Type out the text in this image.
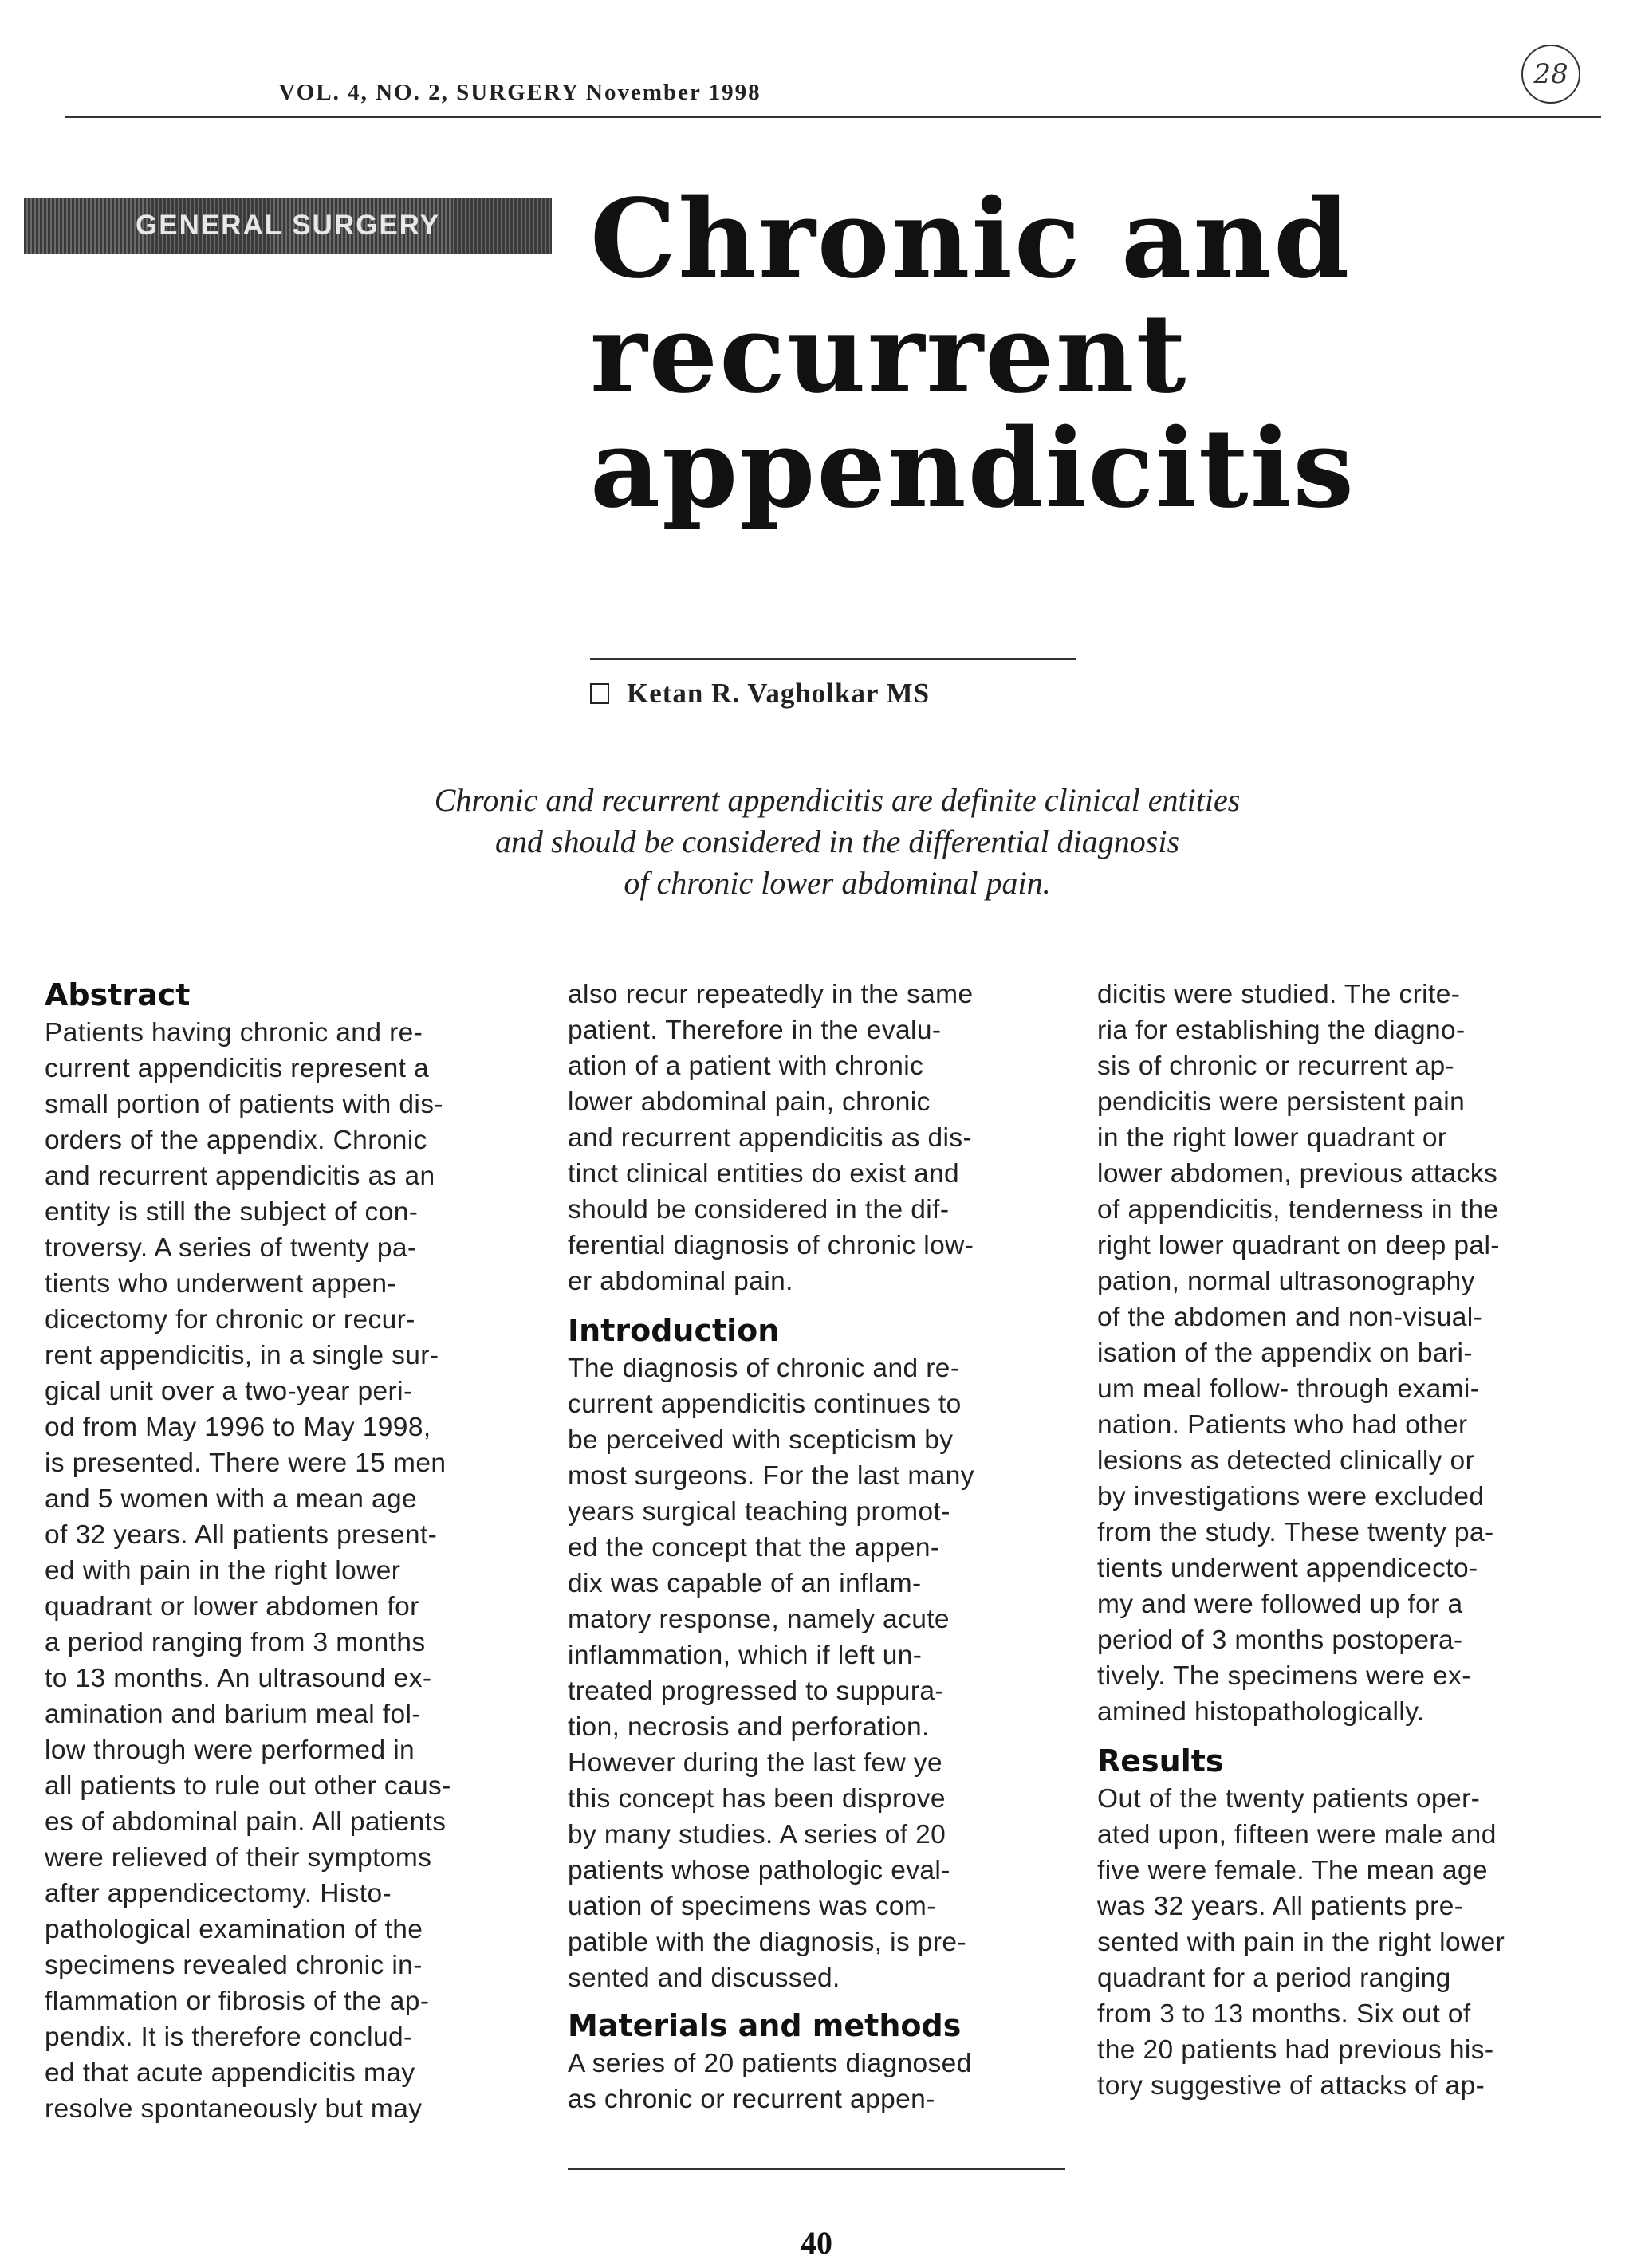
VOL. 4, NO. 2, SURGERY November 1998
28
GENERAL SURGERY Chronic and
recurrent
appendicitis
Ketan R. Vagholkar MS
Chronic and recurrent appendicitis are definite clinical entities
and should be considered in the differential diagnosis
of chronic lower abdominal pain.
Abstract
Patients having chronic and re-
current appendicitis represent a
small portion of patients with dis-
orders of the appendix. Chronic
and recurrent appendicitis as an
entity is still the subject of con-
troversy. A series of twenty pa-
tients who underwent appen-
dicectomy for chronic or recur-
rent appendicitis, in a single sur-
gical unit over a two-year peri-
od from May 1996 to May 1998,
is presented. There were 15 men
and 5 women with a mean age
of 32 years. All patients present-
ed with pain in the right lower
quadrant or lower abdomen for
a period ranging from 3 months
to 13 months. An ultrasound ex-
amination and barium meal fol-
low through were performed in
all patients to rule out other caus-
es of abdominal pain. All patients
were relieved of their symptoms
after appendicectomy. Histo-
pathological examination of the
specimens revealed chronic in-
flammation or fibrosis of the ap-
pendix. It is therefore conclud-
ed that acute appendicitis may
resolve spontaneously but may
also recur repeatedly in the same
patient. Therefore in the evalu-
ation of a patient with chronic
lower abdominal pain, chronic
and recurrent appendicitis as dis-
tinct clinical entities do exist and
should be considered in the dif-
ferential diagnosis of chronic low-
er abdominal pain.
Introduction
The diagnosis of chronic and re-
current appendicitis continues to
be perceived with scepticism by
most surgeons. For the last many
years surgical teaching promot-
ed the concept that the appen-
dix was capable of an inflam-
matory response, namely acute
inflammation, which if left un-
treated progressed to suppura-
tion, necrosis and perforation.
However during the last few ye
this concept has been disprove
by many studies. A series of 20
patients whose pathologic eval-
uation of specimens was com-
patible with the diagnosis, is pre-
sented and discussed.
Materials and methods
A series of 20 patients diagnosed
as chronic or recurrent appen-
dicitis were studied. The crite-
ria for establishing the diagno-
sis of chronic or recurrent ap-
pendicitis were persistent pain
in the right lower quadrant or
lower abdomen, previous attacks
of appendicitis, tenderness in the
right lower quadrant on deep pal-
pation, normal ultrasonography
of the abdomen and non-visual-
isation of the appendix on bari-
um meal follow- through exami-
nation. Patients who had other
lesions as detected clinically or
by investigations were excluded
from the study. These twenty pa-
tients underwent appendicecto-
my and were followed up for a
period of 3 months postopera-
tively. The specimens were ex-
amined histopathologically.
Results
Out of the twenty patients oper-
ated upon, fifteen were male and
five were female. The mean age
was 32 years. All patients pre-
sented with pain in the right lower
quadrant for a period ranging
from 3 to 13 months. Six out of
the 20 patients had previous his-
tory suggestive of attacks of ap-
40
